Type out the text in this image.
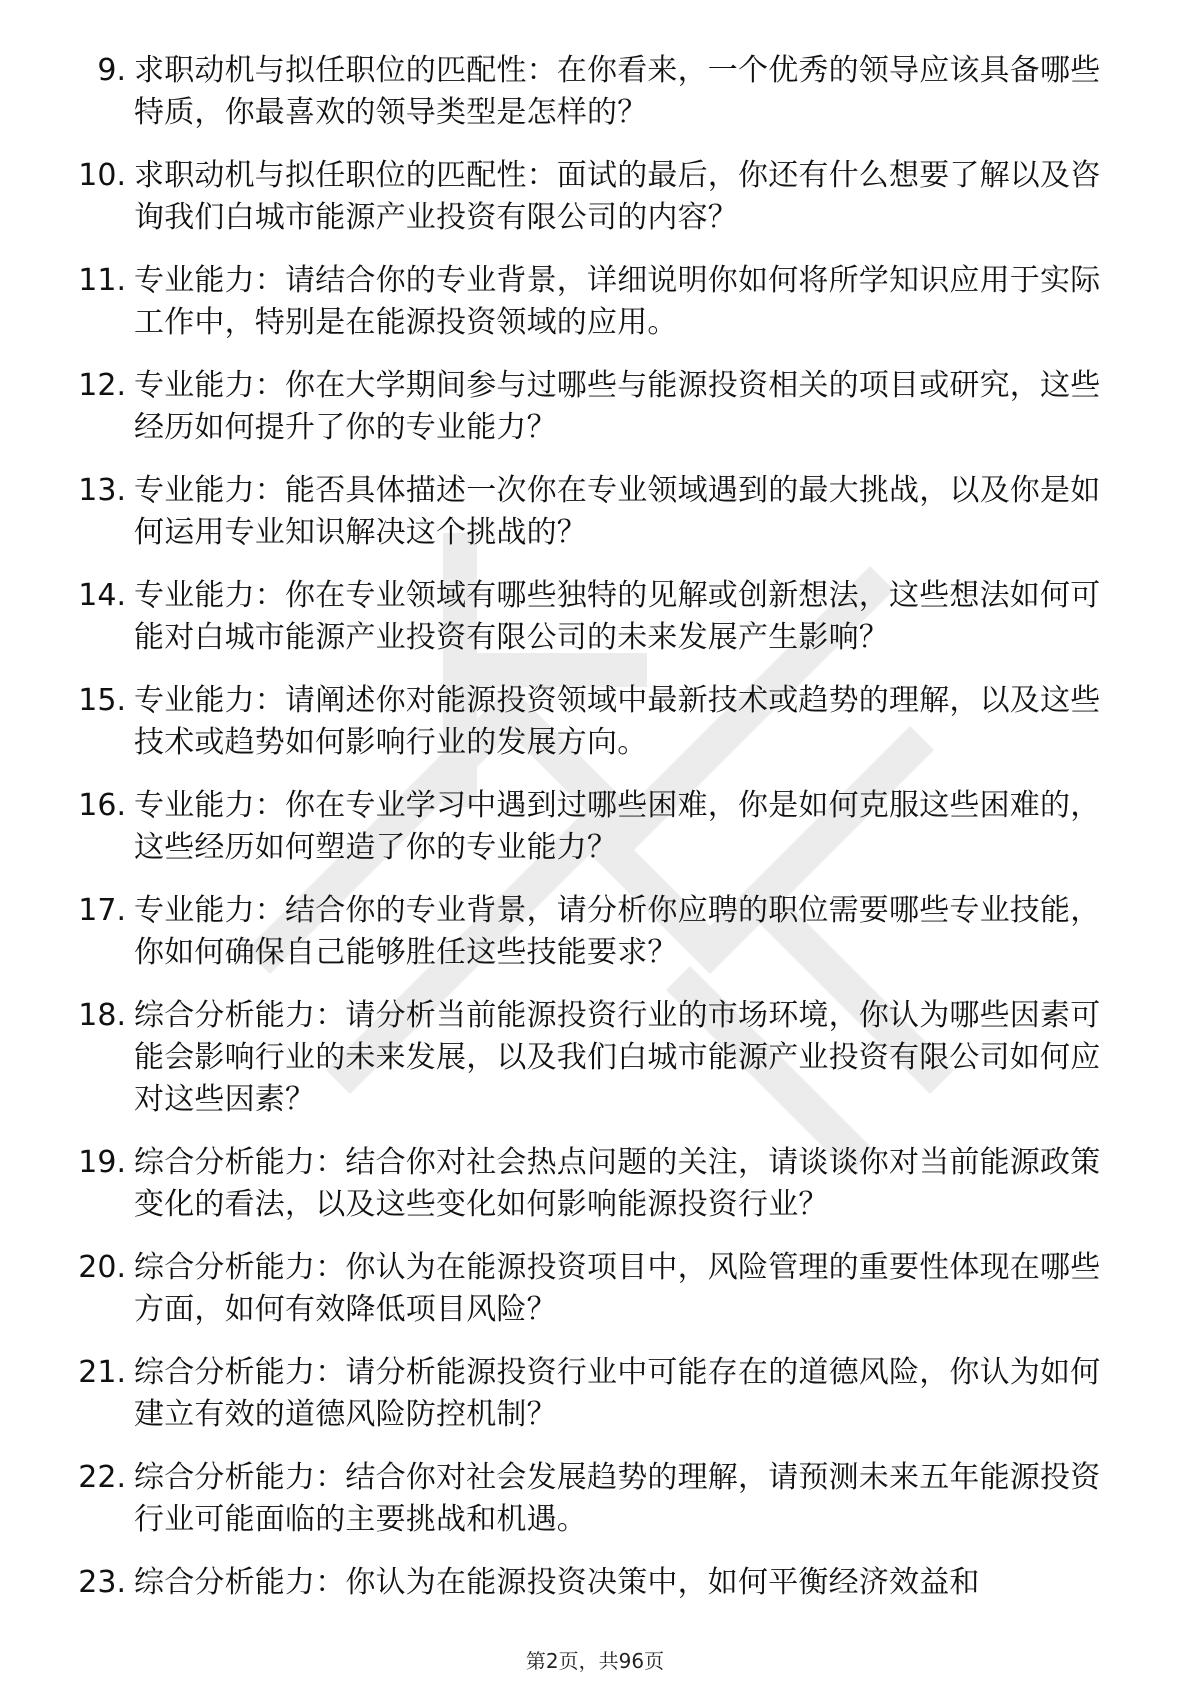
9. 求职动机与拟任职位的匹配性：在你看来，一个优秀的领导应该具备哪些特质，你最喜欢的领导类型是怎样的？
10. 求职动机与拟任职位的匹配性：面试的最后，你还有什么想要了解以及咨询我们白城市能源产业投资有限公司的内容？
11. 专业能力：请结合你的专业背景，详细说明你如何将所学知识应用于实际工作中，特别是在能源投资领域的应用。
12. 专业能力：你在大学期间参与过哪些与能源投资相关的项目或研究，这些经历如何提升了你的专业能力？
13. 专业能力：能否具体描述一次你在专业领域遇到的最大挑战，以及你是如何运用专业知识解决这个挑战的？
14. 专业能力：你在专业领域有哪些独特的见解或创新想法，这些想法如何可能对白城市能源产业投资有限公司的未来发展产生影响？
15. 专业能力：请阐述你对能源投资领域中最新技术或趋势的理解，以及这些技术或趋势如何影响行业的发展方向。
16. 专业能力：你在专业学习中遇到过哪些困难，你是如何克服这些困难的，这些经历如何塑造了你的专业能力？
17. 专业能力：结合你的专业背景，请分析你应聘的职位需要哪些专业技能，你如何确保自己能够胜任这些技能要求？
18. 综合分析能力：请分析当前能源投资行业的市场环境，你认为哪些因素可能会影响行业的未来发展，以及我们白城市能源产业投资有限公司如何应对这些因素？
19. 综合分析能力：结合你对社会热点问题的关注，请谈谈你对当前能源政策变化的看法，以及这些变化如何影响能源投资行业？
20. 综合分析能力：你认为在能源投资项目中，风险管理的重要性体现在哪些方面，如何有效降低项目风险？
21. 综合分析能力：请分析能源投资行业中可能存在的道德风险，你认为如何建立有效的道德风险防控机制？
22. 综合分析能力：结合你对社会发展趋势的理解，请预测未来五年能源投资行业可能面临的主要挑战和机遇。
23. 综合分析能力：你认为在能源投资决策中，如何平衡经济效益和
第2页，共96页
